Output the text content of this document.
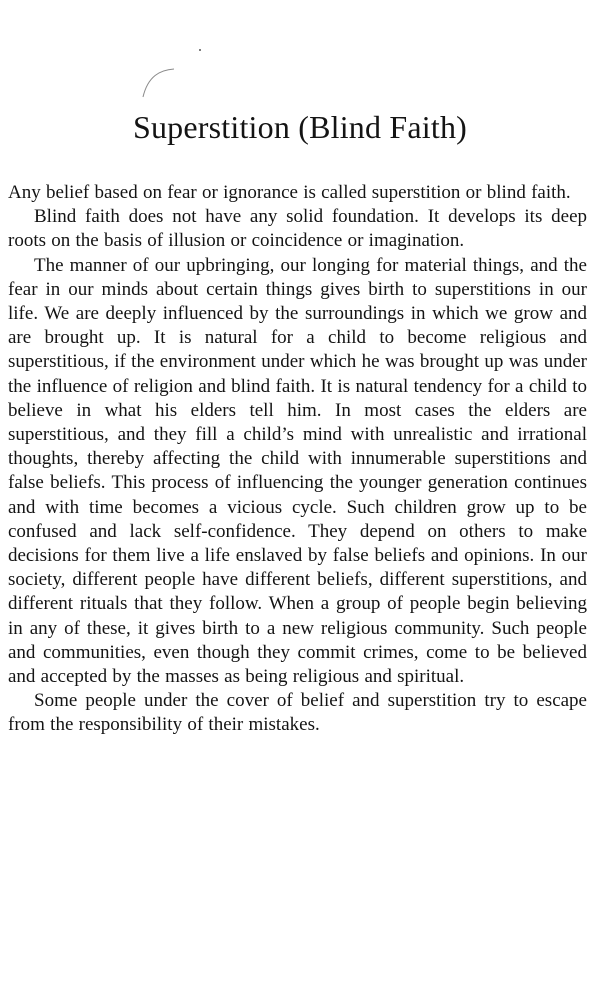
Superstition (Blind Faith)

Any belief based on fear or ignorance is called superstition or blind faith.

Blind faith does not have any solid foundation. It develops its deep roots on the basis of illusion or coincidence or imagination.

The manner of our upbringing, our longing for material things, and the fear in our minds about certain things gives birth to superstitions in our life. We are deeply influenced by the surroundings in which we grow and are brought up. It is natural for a child to become religious and superstitious, if the environment under which he was brought up was under the influence of religion and blind faith. It is natural tendency for a child to believe in what his elders tell him. In most cases the elders are superstitious, and they fill a child’s mind with unrealistic and irrational thoughts, thereby affecting the child with innumerable superstitions and false beliefs. This process of influencing the younger generation continues and with time becomes a vicious cycle. Such children grow up to be confused and lack self-confidence. They depend on others to make decisions for them live a life enslaved by false beliefs and opinions. In our society, different people have different beliefs, different superstitions, and different rituals that they follow. When a group of people begin believing in any of these, it gives birth to a new religious community. Such people and communities, even though they commit crimes, come to be believed and accepted by the masses as being religious and spiritual.

Some people under the cover of belief and superstition try to escape from the responsibility of their mistakes.
